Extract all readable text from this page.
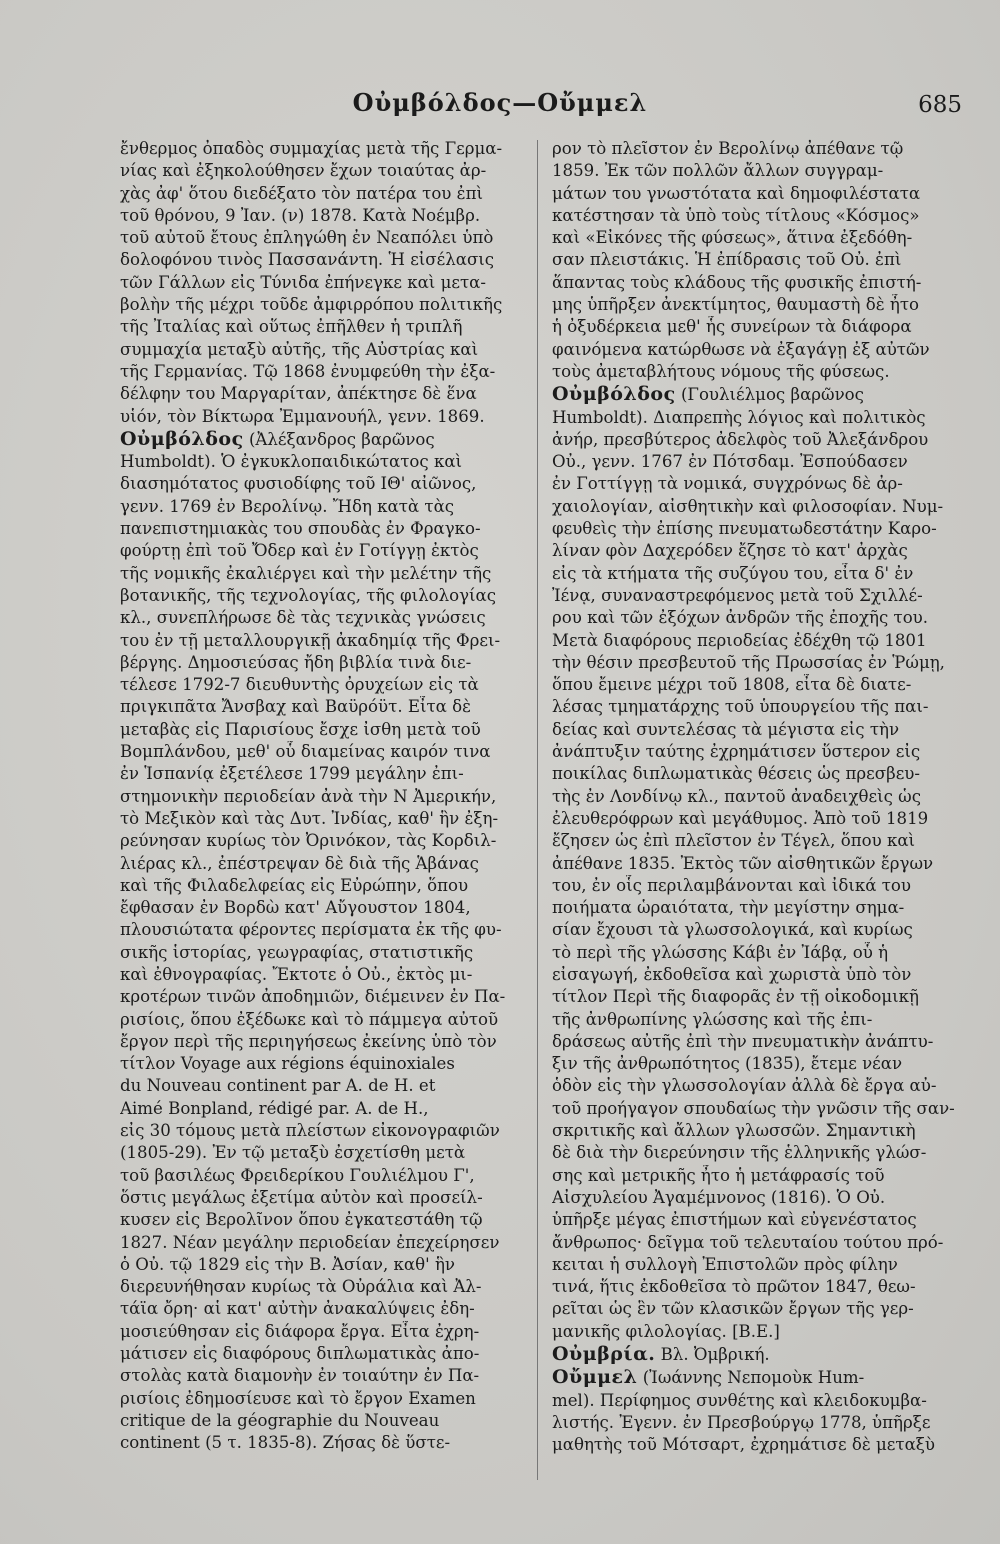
Οὐμβόλδος—Οὔμμελ	685
ἔνθερμος ὀπαδὸς συμμαχίας μετὰ τῆς Γερμα-
νίας καὶ ἐξηκολούθησεν ἔχων τοιαύτας ἀρ-
χὰς ἀφ' ὅτου διεδέξατο τὸν πατέρα του ἐπὶ
τοῦ θρόνου, 9 Ἰαν. (ν) 1878. Κατὰ Νοέμβρ.
τοῦ αὐτοῦ ἔτους ἐπληγώθη ἐν Νεαπόλει ὑπὸ
δολοφόνου τινὸς Πασσανάντη. Ἡ εἰσέλασις
τῶν Γάλλων εἰς Τύνιδα ἐπήνεγκε καὶ μετα-
βολὴν τῆς μέχρι τοῦδε ἀμφιρρόπου πολιτικῆς
τῆς Ἰταλίας καὶ οὕτως ἐπῆλθεν ἡ τριπλῆ
συμμαχία μεταξὺ αὐτῆς, τῆς Αὐστρίας καὶ
τῆς Γερμανίας. Τῷ 1868 ἐνυμφεύθη τὴν ἐξα-
δέλφην του Μαργαρίταν, ἀπέκτησε δὲ ἕνα
υἱόν, τὸν Βίκτωρα Ἐμμανουήλ, γενν. 1869.
Οὐμβόλδος (Ἀλέξανδρος βαρῶνος
Humboldt). Ὁ ἐγκυκλοπαιδικώτατος καὶ
διασημότατος φυσιοδίφης τοῦ ΙΘ' αἰῶνος,
γενν. 1769 ἐν Βερολίνῳ. Ἤδη κατὰ τὰς
πανεπιστημιακὰς του σπουδὰς ἐν Φραγκο-
φούρτῃ ἐπὶ τοῦ Ὄδερ καὶ ἐν Γοτίγγῃ ἐκτὸς
τῆς νομικῆς ἐκαλιέργει καὶ τὴν μελέτην τῆς
βοτανικῆς, τῆς τεχνολογίας, τῆς φιλολογίας
κλ., συνεπλήρωσε δὲ τὰς τεχνικὰς γνώσεις
του ἐν τῇ μεταλλουργικῇ ἀκαδημίᾳ τῆς Φρει-
βέργης. Δημοσιεύσας ἤδη βιβλία τινὰ διε-
τέλεσε 1792-7 διευθυντὴς ὀρυχείων εἰς τὰ
πριγκιπᾶτα Ἄνσβαχ καὶ Βαϋρόϋτ. Εἶτα δὲ
μεταβὰς εἰς Παρισίους ἔσχε ἰσθη μετὰ τοῦ
Βομπλάνδου, μεθ' οὗ διαμείνας καιρόν τινα
ἐν Ἱσπανίᾳ ἐξετέλεσε 1799 μεγάλην ἐπι-
στημονικὴν περιοδείαν ἀνὰ τὴν Ν Ἀμερικήν,
τὸ Μεξικὸν καὶ τὰς Δυτ. Ἰνδίας, καθ' ἣν ἐξη-
ρεύνησαν κυρίως τὸν Ὀρινόκον, τὰς Κορδιλ-
λιέρας κλ., ἐπέστρεψαν δὲ διὰ τῆς Ἁβάνας
καὶ τῆς Φιλαδελφείας εἰς Εὐρώπην, ὅπου
ἔφθασαν ἐν Βορδὼ κατ' Αὔγουστον 1804,
πλουσιώτατα φέροντες περίσματα ἐκ τῆς φυ-
σικῆς ἱστορίας, γεωγραφίας, στατιστικῆς
καὶ ἐθνογραφίας. Ἔκτοτε ὁ Οὐ., ἐκτὸς μι-
κροτέρων τινῶν ἀποδημιῶν, διέμεινεν ἐν Πα-
ρισίοις, ὅπου ἐξέδωκε καὶ τὸ πάμμεγα αὐτοῦ
ἔργον περὶ τῆς περιηγήσεως ἐκείνης ὑπὸ τὸν
τίτλον Voyage aux régions équinoxiales
du Nouveau continent par A. de H. et
Aimé Bonpland, rédigé par. A. de H.,
εἰς 30 τόμους μετὰ πλείστων εἰκονογραφιῶν
(1805-29). Ἐν τῷ μεταξὺ ἐσχετίσθη μετὰ
τοῦ βασιλέως Φρειδερίκου Γουλιέλμου Γ',
ὅστις μεγάλως ἐξετίμα αὐτὸν καὶ προσείλ-
κυσεν εἰς Βερολῖνον ὅπου ἐγκατεστάθη τῷ
1827. Νέαν μεγάλην περιοδείαν ἐπεχείρησεν
ὁ Οὐ. τῷ 1829 εἰς τὴν Β. Ἀσίαν, καθ' ἣν
διερευνήθησαν κυρίως τὰ Οὐράλια καὶ Ἀλ-
τάϊα ὄρη· αἱ κατ' αὐτὴν ἀνακαλύψεις ἐδη-
μοσιεύθησαν εἰς διάφορα ἔργα. Εἶτα ἐχρη-
μάτισεν εἰς διαφόρους διπλωματικὰς ἀπο-
στολὰς κατὰ διαμονὴν ἐν τοιαύτην ἐν Πα-
ρισίοις ἐδημοσίευσε καὶ τὸ ἔργον Examen
critique de la géographie du Nouveau
continent (5 τ. 1835-8). Ζήσας δὲ ὕστε-
ρον τὸ πλεῖστον ἐν Βερολίνῳ ἀπέθανε τῷ
1859. Ἐκ τῶν πολλῶν ἄλλων συγγραμ-
μάτων του γνωστότατα καὶ δημοφιλέστατα
κατέστησαν τὰ ὑπὸ τοὺς τίτλους «Κόσμος»
καὶ «Εἰκόνες τῆς φύσεως», ἅτινα ἐξεδόθη-
σαν πλειστάκις. Ἡ ἐπίδρασις τοῦ Οὐ. ἐπὶ
ἅπαντας τοὺς κλάδους τῆς φυσικῆς ἐπιστή-
μης ὑπῆρξεν ἀνεκτίμητος, θαυμαστὴ δὲ ἦτο
ἡ ὀξυδέρκεια μεθ' ἧς συνείρων τὰ διάφορα
φαινόμενα κατώρθωσε νὰ ἐξαγάγῃ ἐξ αὐτῶν
τοὺς ἀμεταβλήτους νόμους τῆς φύσεως.
Οὐμβόλδος (Γουλιέλμος βαρῶνος
Humboldt). Διαπρεπὴς λόγιος καὶ πολιτικὸς
ἀνήρ, πρεσβύτερος ἀδελφὸς τοῦ Ἀλεξάνδρου
Οὐ., γενν. 1767 ἐν Πότσδαμ. Ἐσπούδασεν
ἐν Γοττίγγῃ τὰ νομικά, συγχρόνως δὲ ἀρ-
χαιολογίαν, αἰσθητικὴν καὶ φιλοσοφίαν. Νυμ-
φευθεὶς τὴν ἐπίσης πνευματωδεστάτην Καρο-
λίναν φὸν Δαχερόδεν ἔζησε τὸ κατ' ἀρχὰς
εἰς τὰ κτήματα τῆς συζύγου του, εἶτα δ' ἐν
Ἰένᾳ, συναναστρεφόμενος μετὰ τοῦ Σχιλλέ-
ρου καὶ τῶν ἐξόχων ἀνδρῶν τῆς ἐποχῆς του.
Μετὰ διαφόρους περιοδείας ἐδέχθη τῷ 1801
τὴν θέσιν πρεσβευτοῦ τῆς Πρωσσίας ἐν Ῥώμῃ,
ὅπου ἔμεινε μέχρι τοῦ 1808, εἶτα δὲ διατε-
λέσας τμηματάρχης τοῦ ὑπουργείου τῆς παι-
δείας καὶ συντελέσας τὰ μέγιστα εἰς τὴν
ἀνάπτυξιν ταύτης ἐχρημάτισεν ὕστερον εἰς
ποικίλας διπλωματικὰς θέσεις ὡς πρεσβευ-
τὴς ἐν Λονδίνῳ κλ., παντοῦ ἀναδειχθεὶς ὡς
ἐλευθερόφρων καὶ μεγάθυμος. Ἀπὸ τοῦ 1819
ἔζησεν ὡς ἐπὶ πλεῖστον ἐν Τέγελ, ὅπου καὶ
ἀπέθανε 1835. Ἐκτὸς τῶν αἰσθητικῶν ἔργων
του, ἐν οἷς περιλαμβάνονται καὶ ἰδικά του
ποιήματα ὡραιότατα, τὴν μεγίστην σημα-
σίαν ἔχουσι τὰ γλωσσολογικά, καὶ κυρίως
τὸ περὶ τῆς γλώσσης Κάβι ἐν Ἰάβᾳ, οὗ ἡ
εἰσαγωγή, ἐκδοθεῖσα καὶ χωριστὰ ὑπὸ τὸν
τίτλον Περὶ τῆς διαφορᾶς ἐν τῇ οἰκοδομικῇ
τῆς ἀνθρωπίνης γλώσσης καὶ τῆς ἐπι-
δράσεως αὐτῆς ἐπὶ τὴν πνευματικὴν ἀνάπτυ-
ξιν τῆς ἀνθρωπότητος (1835), ἔτεμε νέαν
ὁδὸν εἰς τὴν γλωσσολογίαν ἀλλὰ δὲ ἔργα αὐ-
τοῦ προήγαγον σπουδαίως τὴν γνῶσιν τῆς σαν-
σκριτικῆς καὶ ἄλλων γλωσσῶν. Σημαντικὴ
δὲ διὰ τὴν διερεύνησιν τῆς ἑλληνικῆς γλώσ-
σης καὶ μετρικῆς ἦτο ἡ μετάφρασίς τοῦ
Αἰσχυλείου Ἀγαμέμνονος (1816). Ὁ Οὐ.
ὑπῆρξε μέγας ἐπιστήμων καὶ εὐγενέστατος
ἄνθρωπος· δεῖγμα τοῦ τελευταίου τούτου πρό-
κειται ἡ συλλογὴ Ἐπιστολῶν πρὸς φίλην
τινά, ἥτις ἐκδοθεῖσα τὸ πρῶτον 1847, θεω-
ρεῖται ὡς ἓν τῶν κλασικῶν ἔργων τῆς γερ-
μανικῆς φιλολογίας. [Β.Ε.]
Οὐμβρία. Βλ. Ὀμβρική.
Οὔμμελ (Ἰωάννης Νεπομοὺκ Hum-
mel). Περίφημος συνθέτης καὶ κλειδοκυμβα-
λιστής. Ἐγενν. ἐν Πρεσβούργῳ 1778, ὑπῆρξε
μαθητὴς τοῦ Μότσαρτ, ἐχρημάτισε δὲ μεταξὺ
